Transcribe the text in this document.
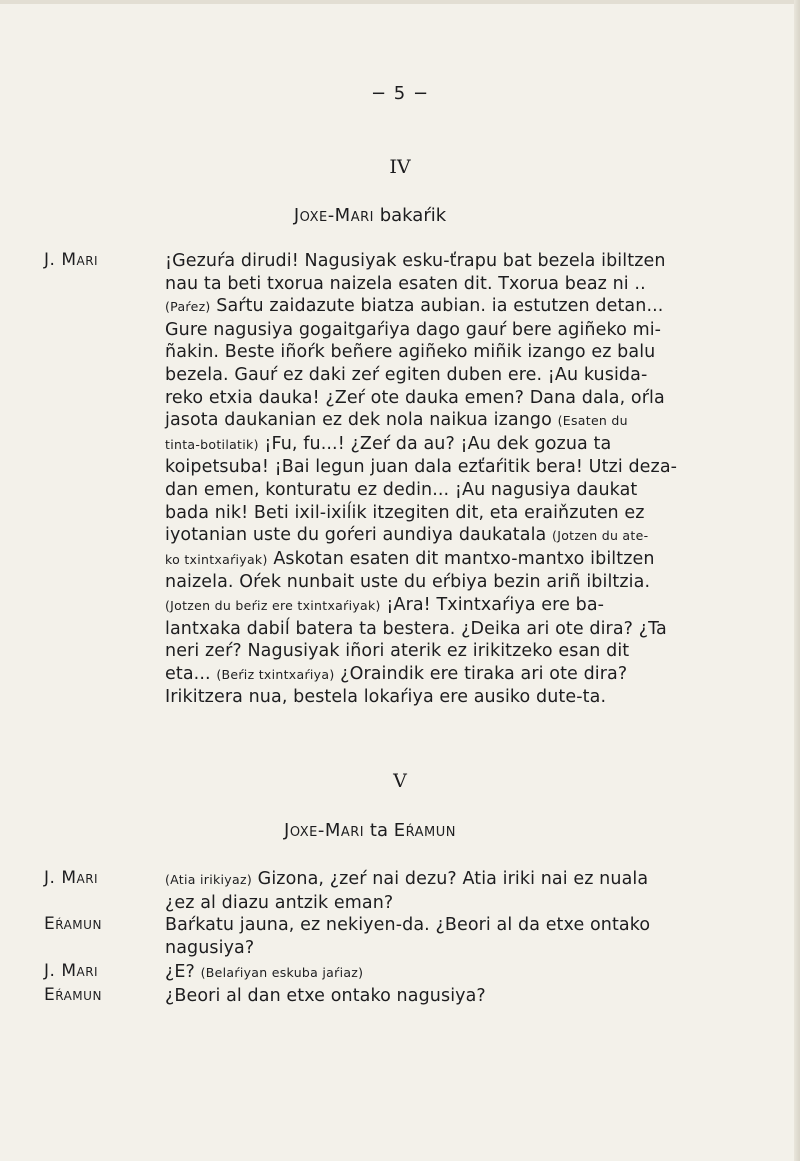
− 5 −
IV
Joxe-Mari bakaŕik
J. Mari	¡Gezuŕa dirudi! Nagusiyak esku-ťrapu bat bezela ibiltzen
nau ta beti txorua naizela esaten dit. Txorua beaz ni ..
(Paŕez) Saŕtu zaidazute biatza aubian. ia estutzen detan...
Gure nagusiya gogaitgaŕiya dago gauŕ bere agiñeko mi-
ñakin. Beste iñoŕk beñere agiñeko miñik izango ez balu
bezela. Gauŕ ez daki zeŕ egiten duben ere. ¡Au kusida-
reko etxia dauka! ¿Zeŕ ote dauka emen? Dana dala, oŕla
jasota daukanian ez dek nola naikua izango (Esaten du
tinta-botilatik) ¡Fu, fu...! ¿Zeŕ da au? ¡Au dek gozua ta
koipetsuba! ¡Bai legun juan dala ezťaŕitik bera! Utzi deza-
dan emen, konturatu ez dedin... ¡Au nagusiya daukat
bada nik! Beti ixil-ixiĺik itzegiten dit, eta eraiňzuten ez
iyotanian uste du goŕeri aundiya daukatala (Jotzen du ate-
ko txintxaŕiyak) Askotan esaten dit mantxo-mantxo ibiltzen
naizela. Oŕek nunbait uste du eŕbiya bezin ariñ ibiltzia.
(Jotzen du beŕiz ere txintxaŕiyak) ¡Ara! Txintxaŕiya ere ba-
lantxaka dabiĺ batera ta bestera. ¿Deika ari ote dira? ¿Ta
neri zeŕ? Nagusiyak iñori aterik ez irikitzeko esan dit
eta... (Beŕiz txintxaŕiya) ¿Oraindik ere tiraka ari ote dira?
Irikitzera nua, bestela lokaŕiya ere ausiko dute-ta.
V
Joxe-Mari ta Eŕamun
J. Mari	(Atia irikiyaz) Gizona, ¿zeŕ nai dezu? Atia iriki nai ez nuala
¿ez al diazu antzik eman?
Eŕamun	Baŕkatu jauna, ez nekiyen-da. ¿Beori al da etxe ontako
nagusiya?
J. Mari	¿E? (Belaŕiyan eskuba jaŕiaz)
Eŕamun	¿Beori al dan etxe ontako nagusiya?
